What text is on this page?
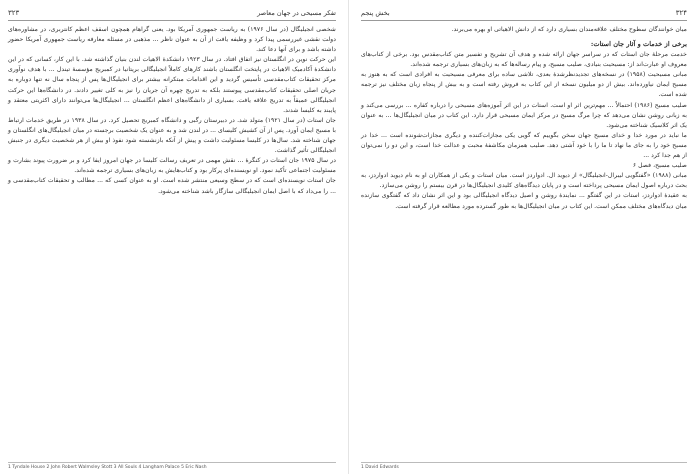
۳۲۳	تفکر مسیحی در جهان معاصر

شخصی انجیلیگال (در سال ۱۹۷۶) به ریاست جمهوری آمریکا بود. یعنی گراهام همچون اسقف اعظم کانتربری، در مشاوره‌های دولت نقشی غیررسمی پیدا کرد و وظیفه یافت از آن به عنوان ناظر ... مذهبی در مسئله معارفه ریاست جمهوری آمریکا حضور داشته باشد و برای آنها دعا کند.

این حرکت نوین در انگلستان نیز اتفاق افتاد. در سال ۱۹۲۳ دانشکدهٔ الاهیات لندن بنیان گذاشته شد. با این کار، کسانی که در این دانشکدهٔ آکادمیک الاهیات در پایتخت انگلستان باشند کارهای کاملاً انجیلیگالی بریتانیا در کمبریج مؤسسهٔ تیندل ... با هدف نوآوری مرکز تحقیقات کتاب‌مقدسی تأسیس گردید و این اقدامات مبتکرانه بیشتر برای انجیلیگال‌ها پس از پنجاه سال نه تنها دوباره به جریان اصلی تحقیقات کتاب‌مقدسی پیوستند بلکه به تدریج چهره آن جریان را نیز به کلی تغییر دادند. در دانشگاه‌ها این حرکت انجیلیگالی عمیقاً به تدریج علاقه یافت. بسیاری از دانشگاه‌های اعظم انگلستان ... انجیلیگال‌ها می‌توانند دارای اکثریتی معتقد و پایبند به کلیسا شدند.

جان استات (در سال ۱۹۲۱) متولد شد. در دبیرستان رگبی و دانشگاه کمبریج تحصیل کرد. در سال ۱۹۳۸ در طریق خدمات ارتباط با مسیح ایمان آورد. پس از آن کشیش کلیسای ... در لندن شد و به عنوان یک شخصیت برجسته در میان انجیلیگال‌های انگلستان و جهان شناخته شد. سال‌ها در کلیسا مسئولیت داشت و پیش از آنکه بازنشسته شود نفوذ او بیش از هر شخصیت دیگری در جنبش انجیلیگالی تأثیر گذاشت.

در سال ۱۹۷۵ جان استات در کنگرهٔ ... نقش مهمی در تعریف رسالت کلیسا در جهان امروز ایفا کرد و بر ضرورت پیوند بشارت و مسئولیت اجتماعی تأکید نمود. او نویسنده‌ای پرکار بود و کتاب‌هایش به زبان‌های بسیاری ترجمه شده‌اند.

جان استات نویسنده‌ای است که در سطح وسیعی منتشر شده است. او به عنوان کسی که ... مطالب و تحقیقات کتاب‌مقدسی و ... را می‌داد که با اصل ایمان انجیلیگالی سازگار باشد شناخته می‌شود.

1 Tyndale House 2 John Robert Walmsley Stott 3 All Souls 4 Langham Palace 5 Eric Nash
بخش پنجم	۳۲۴

میان خوانندگان سطوح مختلف علاقه‌مندان بسیاری دارد که از دانش الاهیاتی او بهره می‌برند.

برخی از خدمات و آثار جان استات:

خدمت مرحلهٔ جان استات که در سراسر جهان ارائه شده و هدف آن تشریح و تفسیر متن کتاب‌مقدس بود. برخی از کتاب‌های معروف او عبارت‌اند از: مسیحیت بنیادی، صلیب مسیح، و پیام رساله‌ها که به زبان‌های بسیاری ترجمه شده‌اند.

مبانی مسیحیت (۱۹۵۸) در نسخه‌های تجدیدنظرشدهٔ بعدی، تلاشی ساده برای معرفی مسیحیت به افرادی است که به هنوز به مسیح ایمان نیاورده‌اند. بیش از دو میلیون نسخه از این کتاب به فروش رفته است و به بیش از پنجاه زبان مختلف نیز ترجمه شده است.

صلیب مسیح (۱۹۸۶) احتمالاً ... مهم‌ترین اثر او است. استات در این اثر آموزه‌های مسیحی را درباره کفاره ... بررسی می‌کند و به زبانی روشن نشان می‌دهد که چرا مرگ مسیح در مرکز ایمان مسیحی قرار دارد. این کتاب در میان انجیلیگال‌ها ... به عنوان یک اثر کلاسیک شناخته می‌شود.

ما نباید در مورد خدا و خدای مسیح جهان سخن بگوییم که گویی یکی مجازات‌کننده و دیگری مجازات‌شونده است ... خدا در مسیح خود را به جای ما نهاد تا ما را با خود آشتی دهد. صلیب همزمان مکاشفهٔ محبت و عدالت خدا است، و این دو را نمی‌توان از هم جدا کرد ...

صلیب مسیح، فصل ۶

مبانی (۱۹۸۸) «گفتگویی لیبرال-انجیلیگال» از دیوید ال. ادواردز است. میان استات و یکی از همکاران او به نام دیوید ادواردز، به بحث درباره اصول ایمان مسیحی پرداخته است و در پایان دیدگاه‌های کلیدی انجیلیگال‌ها در قرن بیستم را روشن می‌سازد.

به عقیدهٔ ادواردز، استات در این گفتگو ... نمایندهٔ روشن و اصیل دیدگاه انجیلیگالی بود و این اثر نشان داد که گفتگوی سازنده میان دیدگاه‌های مختلف ممکن است. این کتاب در میان انجیلیگال‌ها به طور گسترده مورد مطالعه قرار گرفته است.

1 David Edwards
